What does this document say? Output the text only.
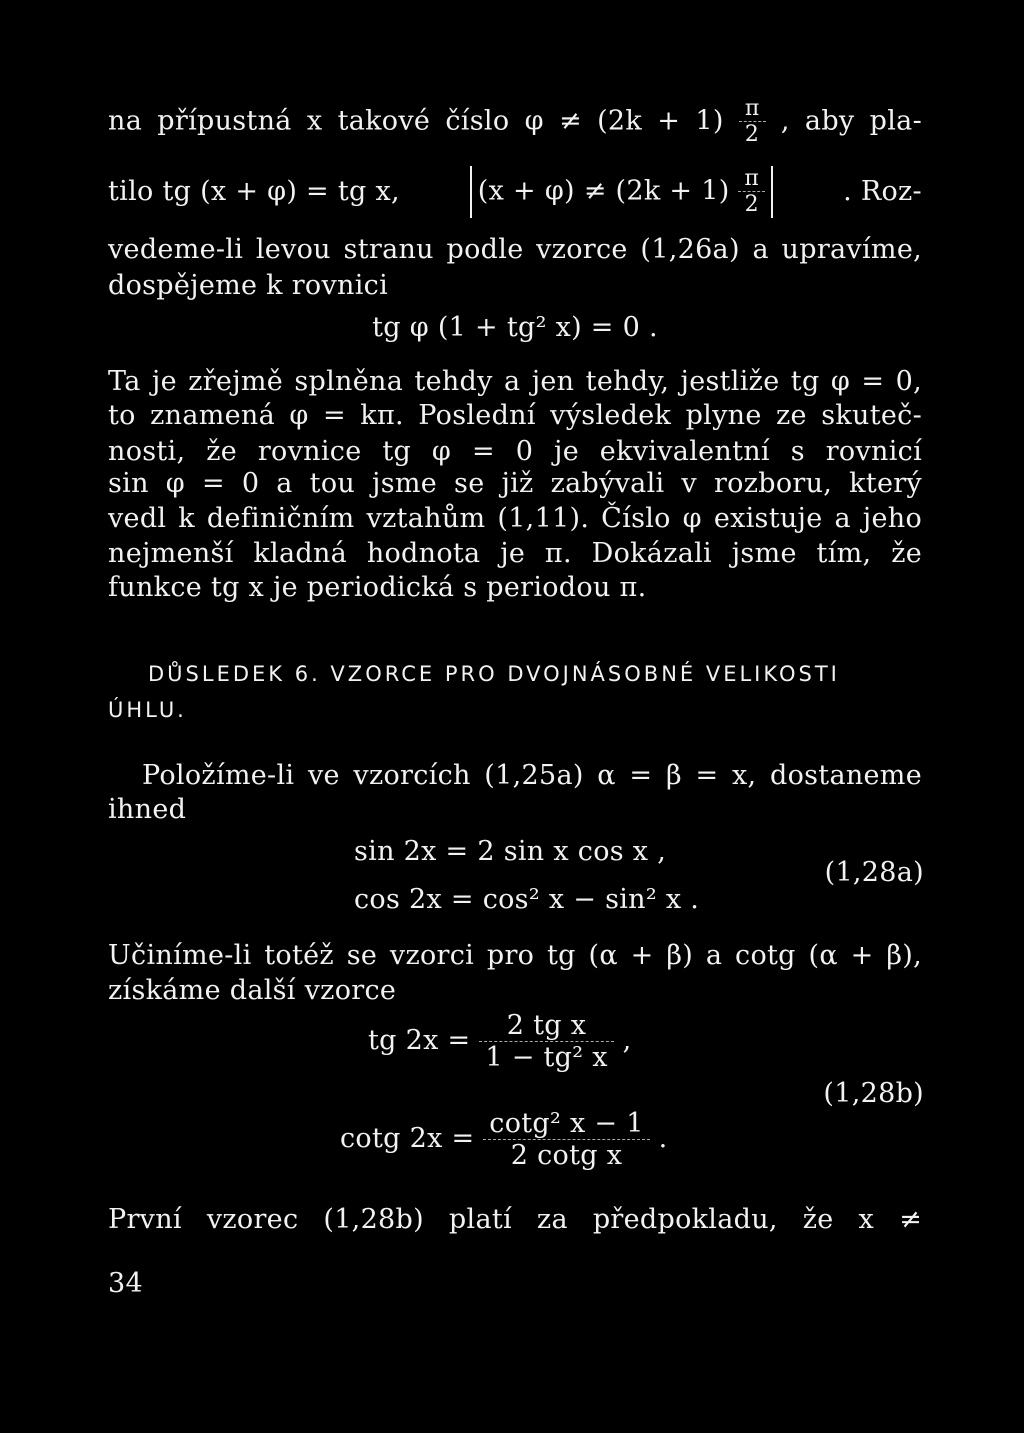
na přípustná x takové číslo $\varphi \ne (2k + 1) \frac{\pi}{2}$ , aby pla-
tilo tg (x + φ) = tg x,	$(x + \varphi) \ne (2k + 1) \frac{\pi}{2}$	. Roz-
vedeme-li levou stranu podle vzorce (1,26a) a upravíme,
dospějeme k rovnici
tg φ (1 + tg² x) = 0 .
Ta je zřejmě splněna tehdy a jen tehdy, jestliže tg φ = 0,
to znamená φ = kπ. Poslední výsledek plyne ze skuteč-
nosti, že rovnice tg φ = 0 je ekvivalentní s rovnicí
sin φ = 0 a tou jsme se již zabývali v rozboru, který
vedl k definičním vztahům (1,11). Číslo φ existuje a jeho
nejmenší kladná hodnota je π. Dokázali jsme tím, že
funkce tg x je periodická s periodou π.
DŮSLEDEK 6. VZORCE PRO DVOJNÁSOBNÉ VELIKOSTI
ÚHLU.
Položíme-li ve vzorcích (1,25a) α = β = x, dostaneme
ihned
sin 2x = 2 sin x cos x ,
cos 2x = cos² x − sin² x .
(1,28a)
Učiníme-li totéž se vzorci pro tg (α + β) a cotg (α + β),
získáme další vzorce
tg $2x = \frac{\text{2 tg x}}{\text{1 − tg² x}}$ ,
cotg $2x = \frac{\text{cotg² x − 1}}{\text{2 cotg x}}$ .
(1,28b)
První vzorec (1,28b) platí za předpokladu, že x ≠
34
